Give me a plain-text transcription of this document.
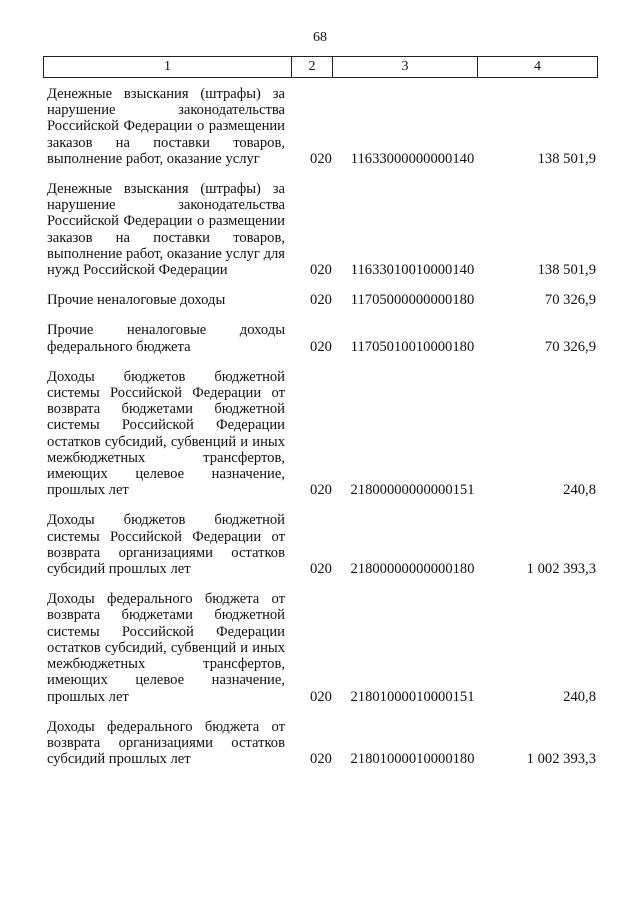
68
1	2	3	4
Денежные взыскания (штрафы) за нарушение законодательства Российской Федерации о размещении заказов на поставки товаров, выполнение работ, оказание услуг	020	11633000000000140	138 501,9
Денежные взыскания (штрафы) за нарушение законодательства Российской Федерации о размещении заказов на поставки товаров, выполнение работ, оказание услуг для нужд Российской Федерации	020	11633010010000140	138 501,9
Прочие неналоговые доходы	020	11705000000000180	70 326,9
Прочие неналоговые доходы федерального бюджета	020	11705010010000180	70 326,9
Доходы бюджетов бюджетной системы Российской Федерации от возврата бюджетами бюджетной системы Российской Федерации остатков субсидий, субвенций и иных межбюджетных трансфертов, имеющих целевое назначение, прошлых лет	020	21800000000000151	240,8
Доходы бюджетов бюджетной системы Российской Федерации от возврата организациями остатков субсидий прошлых лет	020	21800000000000180	1 002 393,3
Доходы федерального бюджета от возврата бюджетами бюджетной системы Российской Федерации остатков субсидий, субвенций и иных межбюджетных трансфертов, имеющих целевое назначение, прошлых лет	020	21801000010000151	240,8
Доходы федерального бюджета от возврата организациями остатков субсидий прошлых лет	020	21801000010000180	1 002 393,3
